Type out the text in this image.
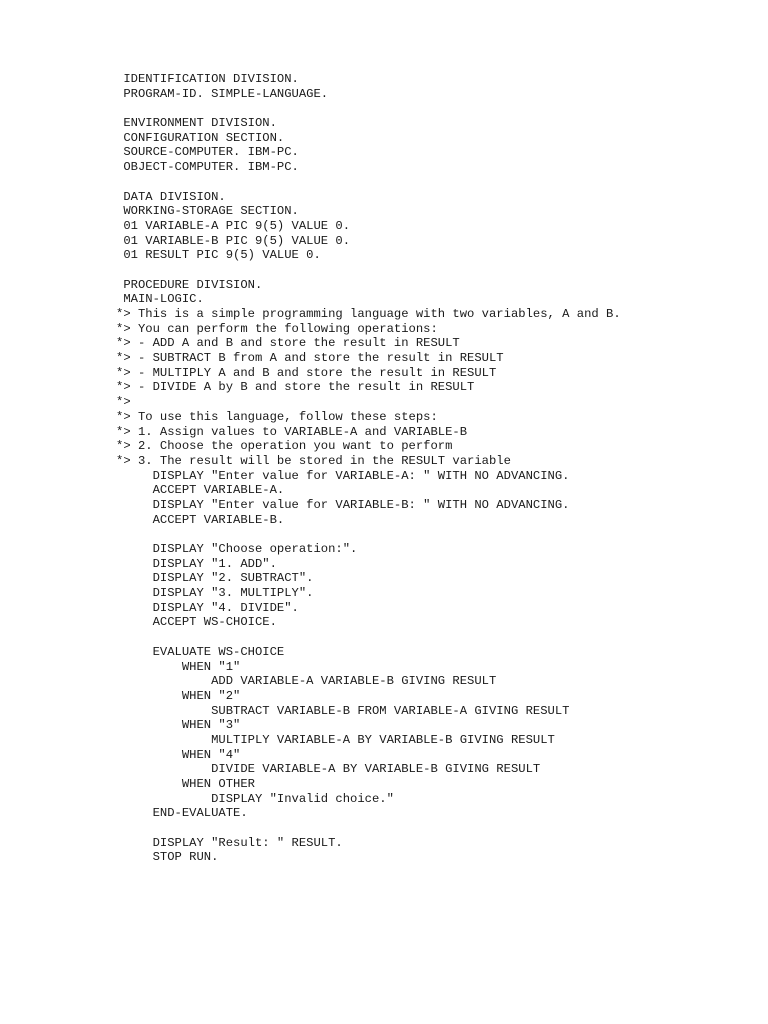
IDENTIFICATION DIVISION.
PROGRAM-ID. SIMPLE-LANGUAGE.
ENVIRONMENT DIVISION.
CONFIGURATION SECTION.
SOURCE-COMPUTER. IBM-PC.
OBJECT-COMPUTER. IBM-PC.
DATA DIVISION.
WORKING-STORAGE SECTION.
01 VARIABLE-A PIC 9(5) VALUE 0.
01 VARIABLE-B PIC 9(5) VALUE 0.
01 RESULT PIC 9(5) VALUE 0.
PROCEDURE DIVISION.
MAIN-LOGIC.
*> This is a simple programming language with two variables, A and B.
*> You can perform the following operations:
*> - ADD A and B and store the result in RESULT
*> - SUBTRACT B from A and store the result in RESULT
*> - MULTIPLY A and B and store the result in RESULT
*> - DIVIDE A by B and store the result in RESULT
*>
*> To use this language, follow these steps:
*> 1. Assign values to VARIABLE-A and VARIABLE-B
*> 2. Choose the operation you want to perform
*> 3. The result will be stored in the RESULT variable
DISPLAY "Enter value for VARIABLE-A: " WITH NO ADVANCING.
ACCEPT VARIABLE-A.
DISPLAY "Enter value for VARIABLE-B: " WITH NO ADVANCING.
ACCEPT VARIABLE-B.
DISPLAY "Choose operation:".
DISPLAY "1. ADD".
DISPLAY "2. SUBTRACT".
DISPLAY "3. MULTIPLY".
DISPLAY "4. DIVIDE".
ACCEPT WS-CHOICE.
EVALUATE WS-CHOICE
WHEN "1"
ADD VARIABLE-A VARIABLE-B GIVING RESULT
WHEN "2"
SUBTRACT VARIABLE-B FROM VARIABLE-A GIVING RESULT
WHEN "3"
MULTIPLY VARIABLE-A BY VARIABLE-B GIVING RESULT
WHEN "4"
DIVIDE VARIABLE-A BY VARIABLE-B GIVING RESULT
WHEN OTHER
DISPLAY "Invalid choice."
END-EVALUATE.
DISPLAY "Result: " RESULT.
STOP RUN.
